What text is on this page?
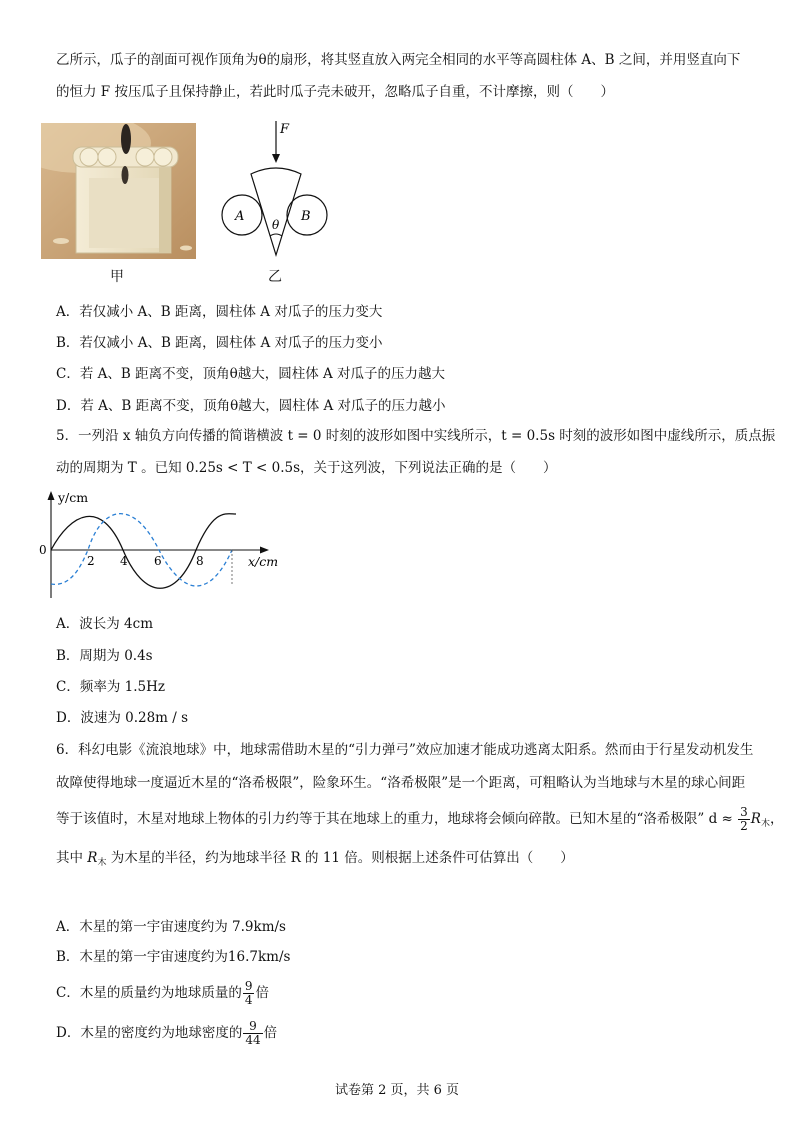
乙所示，瓜子的剖面可视作顶角为θ的扇形，将其竖直放入两完全相同的水平等高圆柱体 A、B 之间，并用竖直向下
的恒力 F 按压瓜子且保持静止，若此时瓜子壳未破开，忽略瓜子自重，不计摩擦，则（　　）
甲
F
A	B
θ
乙
A．若仅减小 A、B 距离，圆柱体 A 对瓜子的压力变大
B．若仅减小 A、B 距离，圆柱体 A 对瓜子的压力变小
C．若 A、B 距离不变，顶角θ越大，圆柱体 A 对瓜子的压力越大
D．若 A、B 距离不变，顶角θ越大，圆柱体 A 对瓜子的压力越小
5．一列沿 x 轴负方向传播的简谐横波 t = 0 时刻的波形如图中实线所示，t = 0.5s 时刻的波形如图中虚线所示，质点振
动的周期为 T 。已知 0.25s < T < 0.5s，关于这列波，下列说法正确的是（　　）
y/cm
x/cm
0
2 4 6	8
A．波长为 4cm
B．周期为 0.4s
C．频率为 1.5Hz
D．波速为 0.28m / s
6．科幻电影《流浪地球》中，地球需借助木星的“引力弹弓”效应加速才能成功逃离太阳系。然而由于行星发动机发生
故障使得地球一度逼近木星的“洛希极限”，险象环生。“洛希极限”是一个距离，可粗略认为当地球与木星的球心间距
等于该值时，木星对地球上物体的引力约等于其在地球上的重力，地球将会倾向碎散。已知木星的“洛希极限” $d \approx \frac{3}{2} R_木$，
其中 $R_木$ 为木星的半径，约为地球半径 R 的 11 倍。则根据上述条件可估算出（　　）
A．木星的第一宇宙速度约为 7.9km/s
B．木星的第一宇宙速度约为16.7km/s
C．木星的质量约为地球质量的 $\frac{9}{4}$ 倍
D．木星的密度约为地球密度的 $\frac{9}{44}$ 倍
试卷第 2 页，共 6 页
